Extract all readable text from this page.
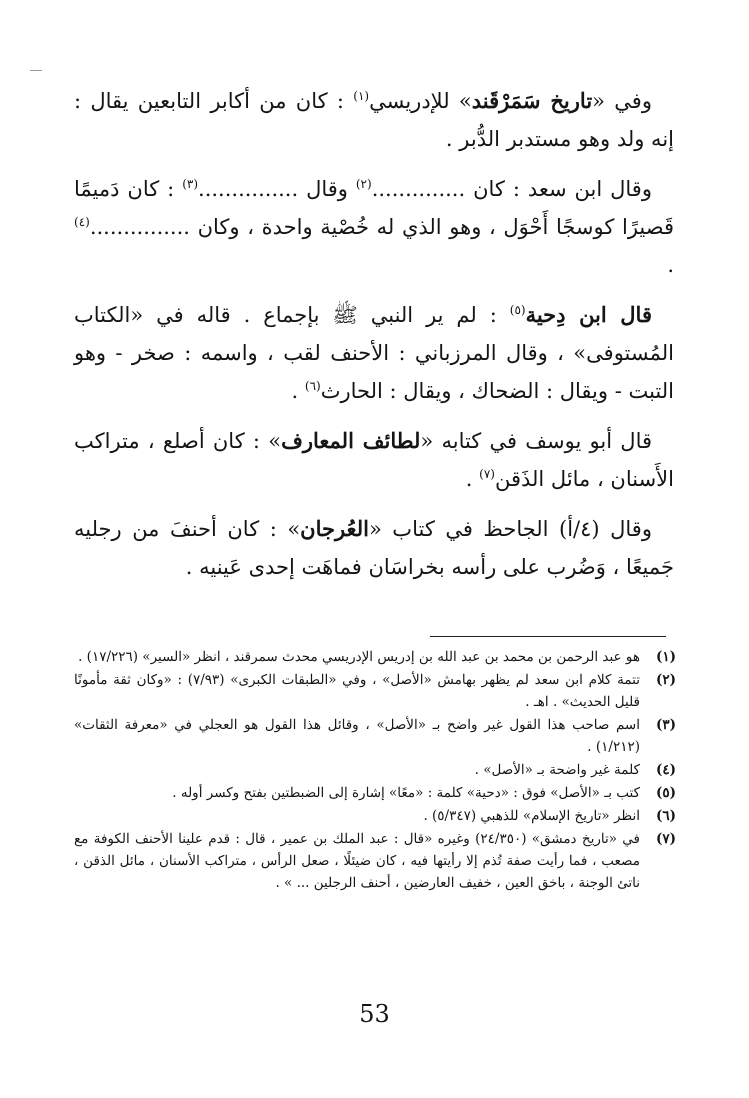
وفي «تاريخ سَمَرْقَند» للإدريسي$^{(١)}$ : كان من أكابر التابعين يقال : إنه ولد وهو مستدبر الدُّبر .

وقال ابن سعد : كان ..............$^{(٢)}$ وقال ...............$^{(٣)}$ : كان دَميمًا قَصيرًا كوسجًا أَحْوَل ، وهو الذي له خُصْية واحدة ، وكان ...............$^{(٤)}$ .

قال ابن دِحية$^{(٥)}$ : لم ير النبي ﷺ بإجماع . قاله في «الكتاب المُستوفى» ، وقال المرزباني : الأحنف لقب ، واسمه : صخر - وهو التبت - ويقال : الضحاك ، ويقال : الحارث$^{(٦)}$ .

قال أبو يوسف في كتابه «لطائف المعارف» : كان أصلع ، متراكب الأَسنان ، مائل الذَقن$^{(٧)}$ .

وقال (٤/أ) الجاحظ في كتاب «العُرجان» : كان أحنفَ من رجليه جَميعًا ، وَضُرب على رأسه بخراسَان فماهَت إحدى عَينيه .

(١)
هو عبد الرحمن بن محمد بن عبد الله بن إدريس الإدريسي محدث سمرقند ، انظر «السير» (١٧/٢٢٦) .
(٢)
تتمة كلام ابن سعد لم يظهر بهامش «الأصل» ، وفي «الطبقات الكبرى» (٧/٩٣) : «وكان ثقة مأمونًا قليل الحديث» . اهـ .
(٣)
اسم صاحب هذا القول غير واضح بـ «الأصل» ، وقائل هذا القول هو العجلي في «معرفة الثقات» (١/٢١٢) .
(٤)
كلمة غير واضحة بـ «الأصل» .
(٥)
كتب بـ «الأصل» فوق : «دحية» كلمة : «معًا» إشارة إلى الضبطتين بفتح وكسر أوله .
(٦)
انظر «تاريخ الإسلام» للذهبي (٥/٣٤٧) .
(٧)
في «تاريخ دمشق» (٢٤/٣٥٠) وغيره «قال : عبد الملك بن عمير ، قال : قدم علينا الأحنف الكوفة مع مصعب ، فما رأيت صفة تُذم إلا رأيتها فيه ، كان ضيئلًا ، صعل الرأس ، متراكب الأسنان ، مائل الذقن ، ناتئ الوجنة ، باخق العين ، خفيف العارضين ، أحنف الرجلين ... » .
53
